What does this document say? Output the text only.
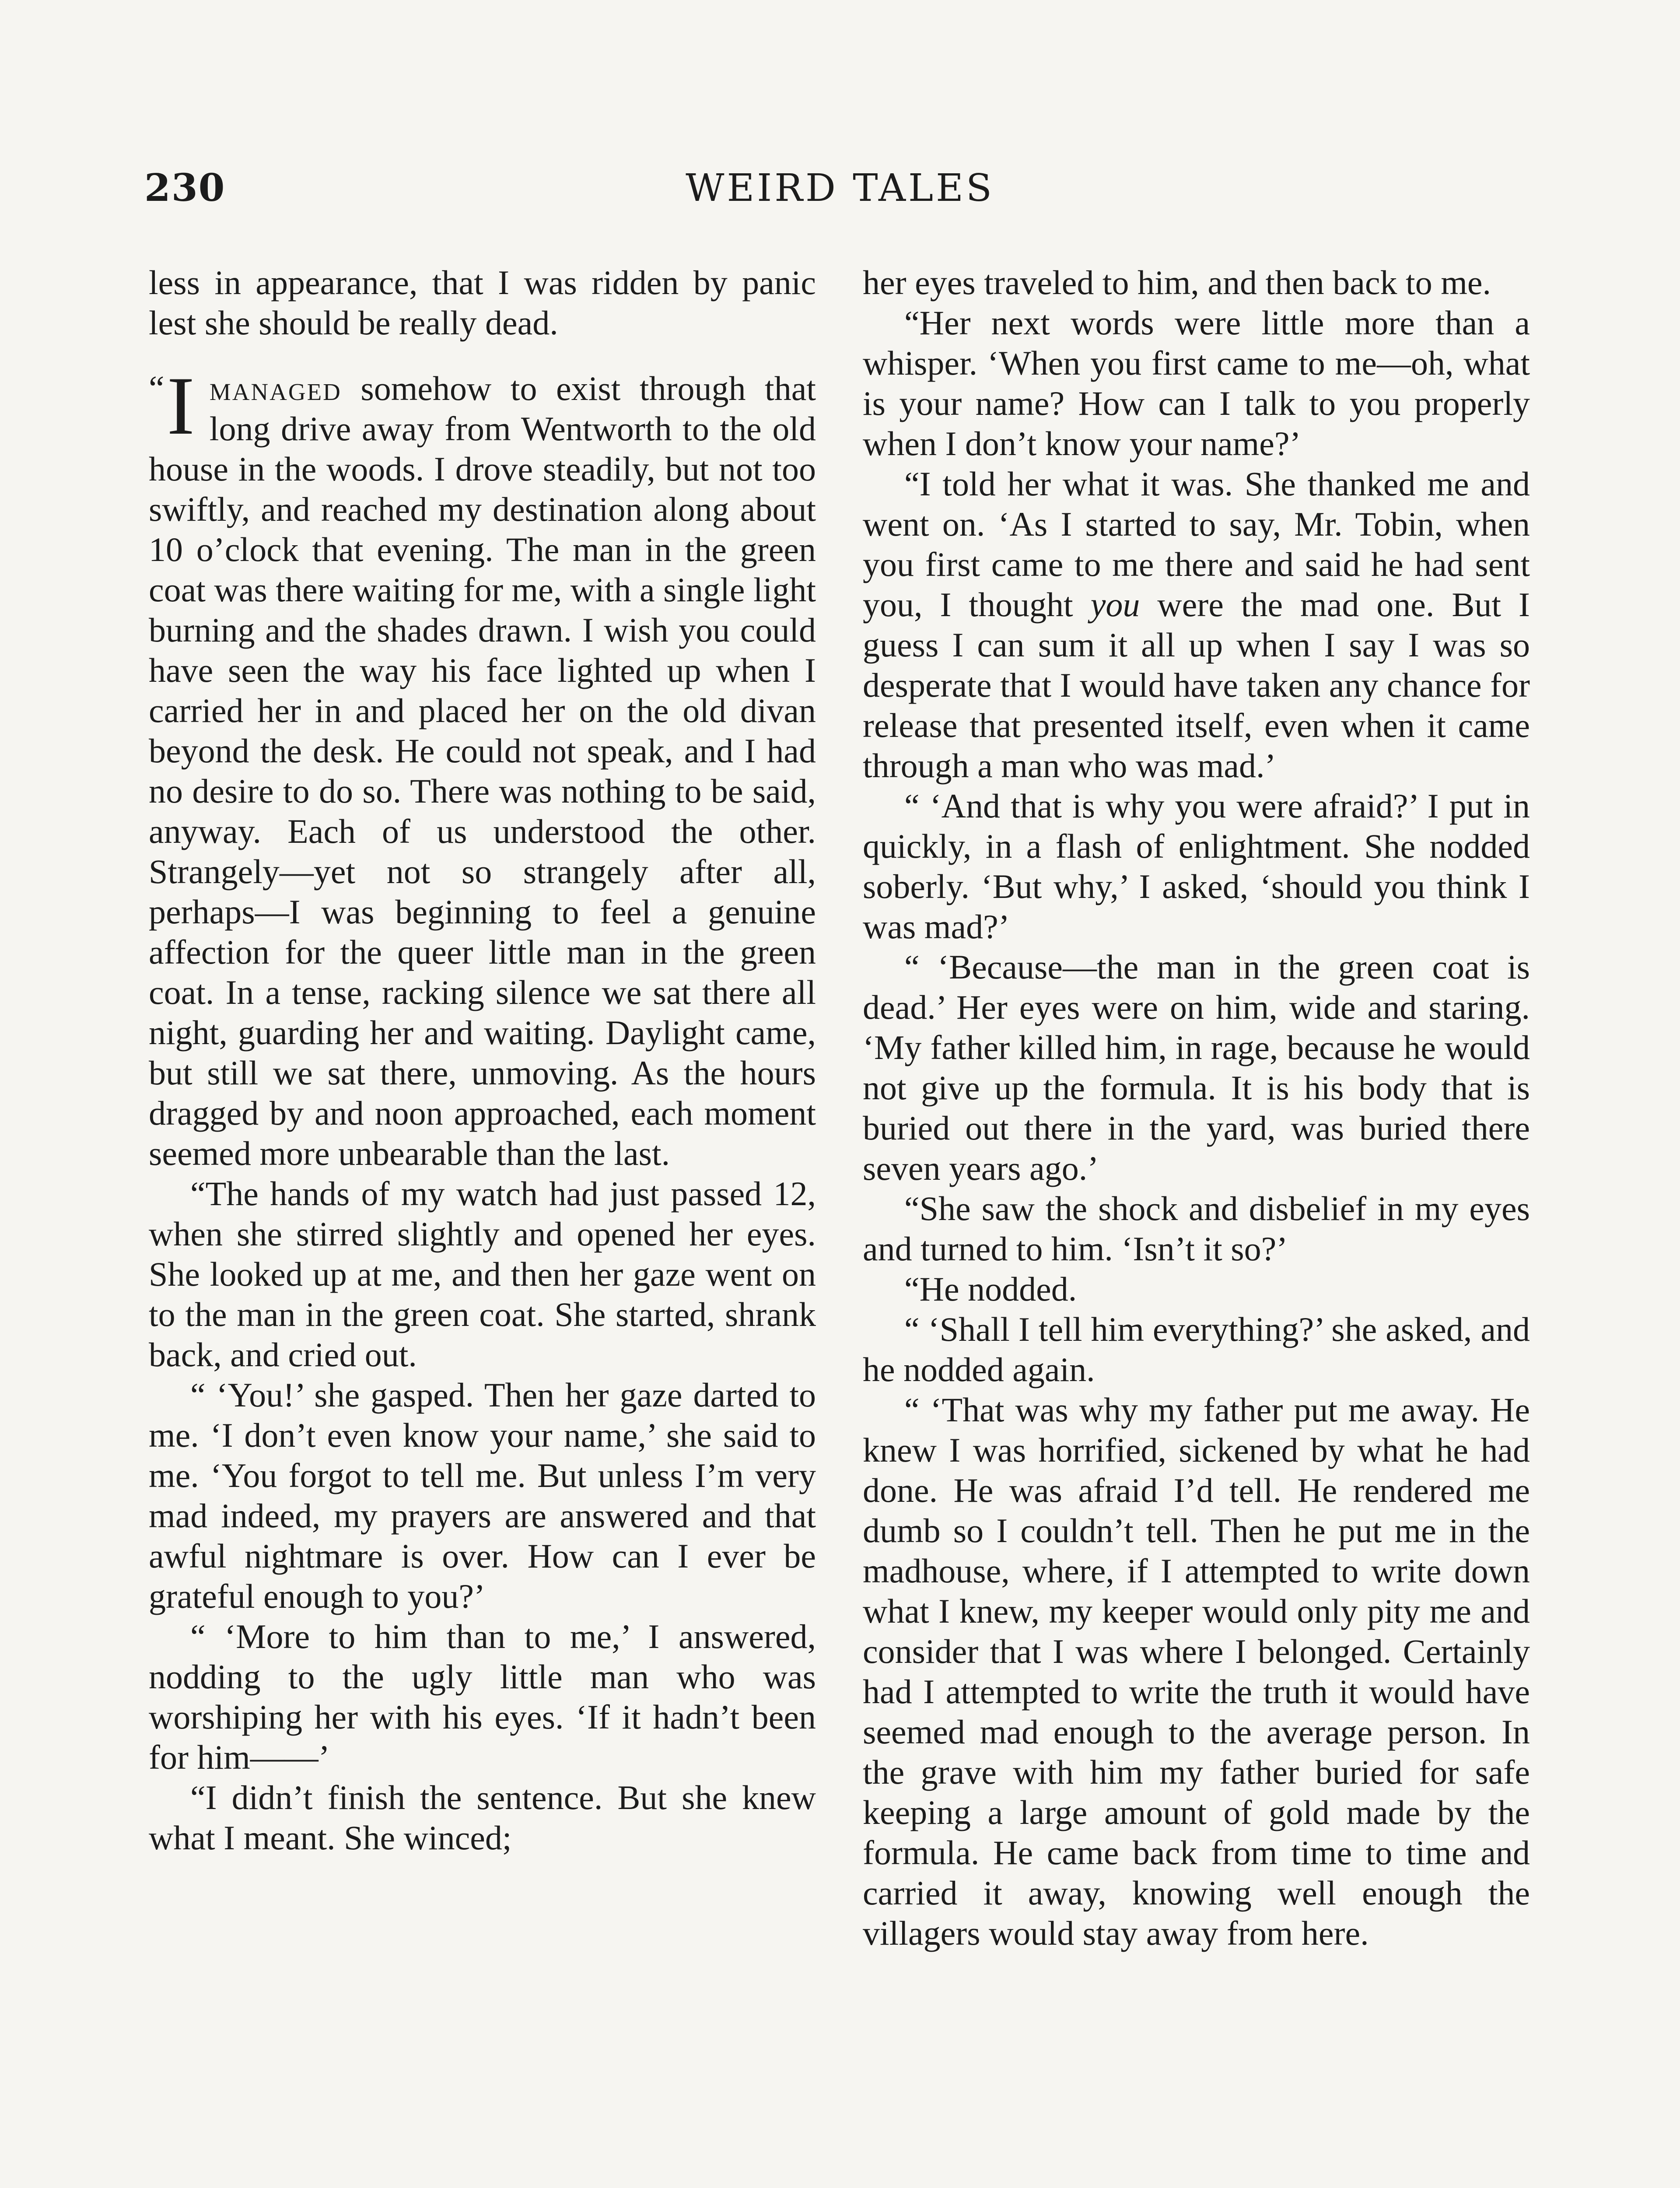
230	WEIRD TALES

less in appearance, that I was ridden by panic lest she should be really dead.

“I managed somehow to exist through that long drive away from Wentworth to the old house in the woods. I drove steadily, but not too swiftly, and reached my destination along about 10 o’clock that evening. The man in the green coat was there waiting for me, with a single light burning and the shades drawn. I wish you could have seen the way his face lighted up when I carried her in and placed her on the old divan beyond the desk. He could not speak, and I had no desire to do so. There was nothing to be said, anyway. Each of us understood the other. Strangely—yet not so strangely after all, perhaps—I was beginning to feel a genuine affection for the queer little man in the green coat. In a tense, racking silence we sat there all night, guarding her and waiting. Daylight came, but still we sat there, unmoving. As the hours dragged by and noon approached, each moment seemed more unbearable than the last.

“The hands of my watch had just passed 12, when she stirred slightly and opened her eyes. She looked up at me, and then her gaze went on to the man in the green coat. She started, shrank back, and cried out.

“ ‘You!’ she gasped. Then her gaze darted to me. ‘I don’t even know your name,’ she said to me. ‘You forgot to tell me. But unless I’m very mad indeed, my prayers are answered and that awful nightmare is over. How can I ever be grateful enough to you?’

“ ‘More to him than to me,’ I answered, nodding to the ugly little man who was worshiping her with his eyes. ‘If it hadn’t been for him——’

“I didn’t finish the sentence. But she knew what I meant. She winced;

her eyes traveled to him, and then back to me.

“Her next words were little more than a whisper. ‘When you first came to me—oh, what is your name? How can I talk to you properly when I don’t know your name?’

“I told her what it was. She thanked me and went on. ‘As I started to say, Mr. Tobin, when you first came to me there and said he had sent you, I thought you were the mad one. But I guess I can sum it all up when I say I was so desperate that I would have taken any chance for release that presented itself, even when it came through a man who was mad.’

“ ‘And that is why you were afraid?’ I put in quickly, in a flash of enlightment. She nodded soberly. ‘But why,’ I asked, ‘should you think I was mad?’

“ ‘Because—the man in the green coat is dead.’ Her eyes were on him, wide and staring. ‘My father killed him, in rage, because he would not give up the formula. It is his body that is buried out there in the yard, was buried there seven years ago.’

“She saw the shock and disbelief in my eyes and turned to him. ‘Isn’t it so?’

“He nodded.

“ ‘Shall I tell him everything?’ she asked, and he nodded again.

“ ‘That was why my father put me away. He knew I was horrified, sickened by what he had done. He was afraid I’d tell. He rendered me dumb so I couldn’t tell. Then he put me in the madhouse, where, if I attempted to write down what I knew, my keeper would only pity me and consider that I was where I belonged. Certainly had I attempted to write the truth it would have seemed mad enough to the average person. In the grave with him my father buried for safe keeping a large amount of gold made by the formula. He came back from time to time and carried it away, knowing well enough the villagers would stay away from here.
